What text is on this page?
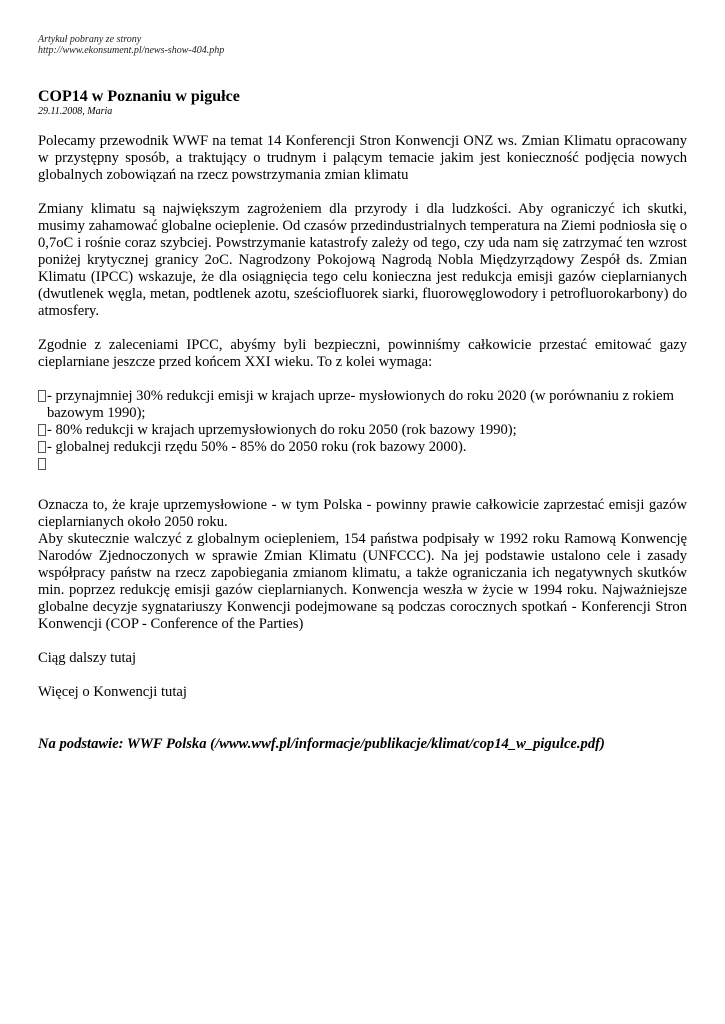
Artykuł pobrany ze strony
http://www.ekonsument.pl/news-show-404.php
COP14 w Poznaniu w pigułce
29.11.2008, Maria

Polecamy przewodnik WWF na temat 14 Konferencji Stron Konwencji ONZ ws. Zmian Klimatu opracowany w przystępny sposób, a traktujący o trudnym i palącym temacie jakim jest konieczność podjęcia nowych globalnych zobowiązań na rzecz powstrzymania zmian klimatu

Zmiany klimatu są największym zagrożeniem dla przyrody i dla ludzkości. Aby ograniczyć ich skutki, musimy zahamować globalne ocieplenie. Od czasów przedindustrialnych temperatura na Ziemi podniosła się o 0,7oC i rośnie coraz szybciej. Powstrzymanie katastrofy zależy od tego, czy uda nam się zatrzymać ten wzrost poniżej krytycznej granicy 2oC. Nagrodzony Pokojową Nagrodą Nobla Międzyrządowy Zespół ds. Zmian Klimatu (IPCC) wskazuje, że dla osiągnięcia tego celu konieczna jest redukcja emisji gazów cieplarnianych (dwutlenek węgla, metan, podtlenek azotu, sześciofluorek siarki, fluorowęglowodory i petrofluorokarbony) do atmosfery.

Zgodnie z zaleceniami IPCC, abyśmy byli bezpieczni, powinniśmy całkowicie przestać emitować gazy cieplarniane jeszcze przed końcem XXI wieku. To z kolei wymaga:

- przynajmniej 30% redukcji emisji w krajach uprze- mysłowionych do roku 2020 (w porównaniu z rokiem bazowym 1990);
- 80% redukcji w krajach uprzemysłowionych do roku 2050 (rok bazowy 1990);
- globalnej redukcji rzędu 50% - 85% do 2050 roku (rok bazowy 2000).

Oznacza to, że kraje uprzemysłowione - w tym Polska - powinny prawie całkowicie zaprzestać emisji gazów cieplarnianych około 2050 roku.

Aby skutecznie walczyć z globalnym ociepleniem, 154 państwa podpisały w 1992 roku Ramową Konwencję Narodów Zjednoczonych w sprawie Zmian Klimatu (UNFCCC). Na jej podstawie ustalono cele i zasady współpracy państw na rzecz zapobiegania zmianom klimatu, a także ograniczania ich negatywnych skutków min. poprzez redukcję emisji gazów cieplarnianych. Konwencja weszła w życie w 1994 roku. Najważniejsze globalne decyzje sygnatariuszy Konwencji podejmowane są podczas corocznych spotkań - Konferencji Stron Konwencji (COP - Conference of the Parties)

Ciąg dalszy tutaj

Więcej o Konwencji tutaj

Na podstawie: WWF Polska (/www.wwf.pl/informacje/publikacje/klimat/cop14_w_pigulce.pdf)
